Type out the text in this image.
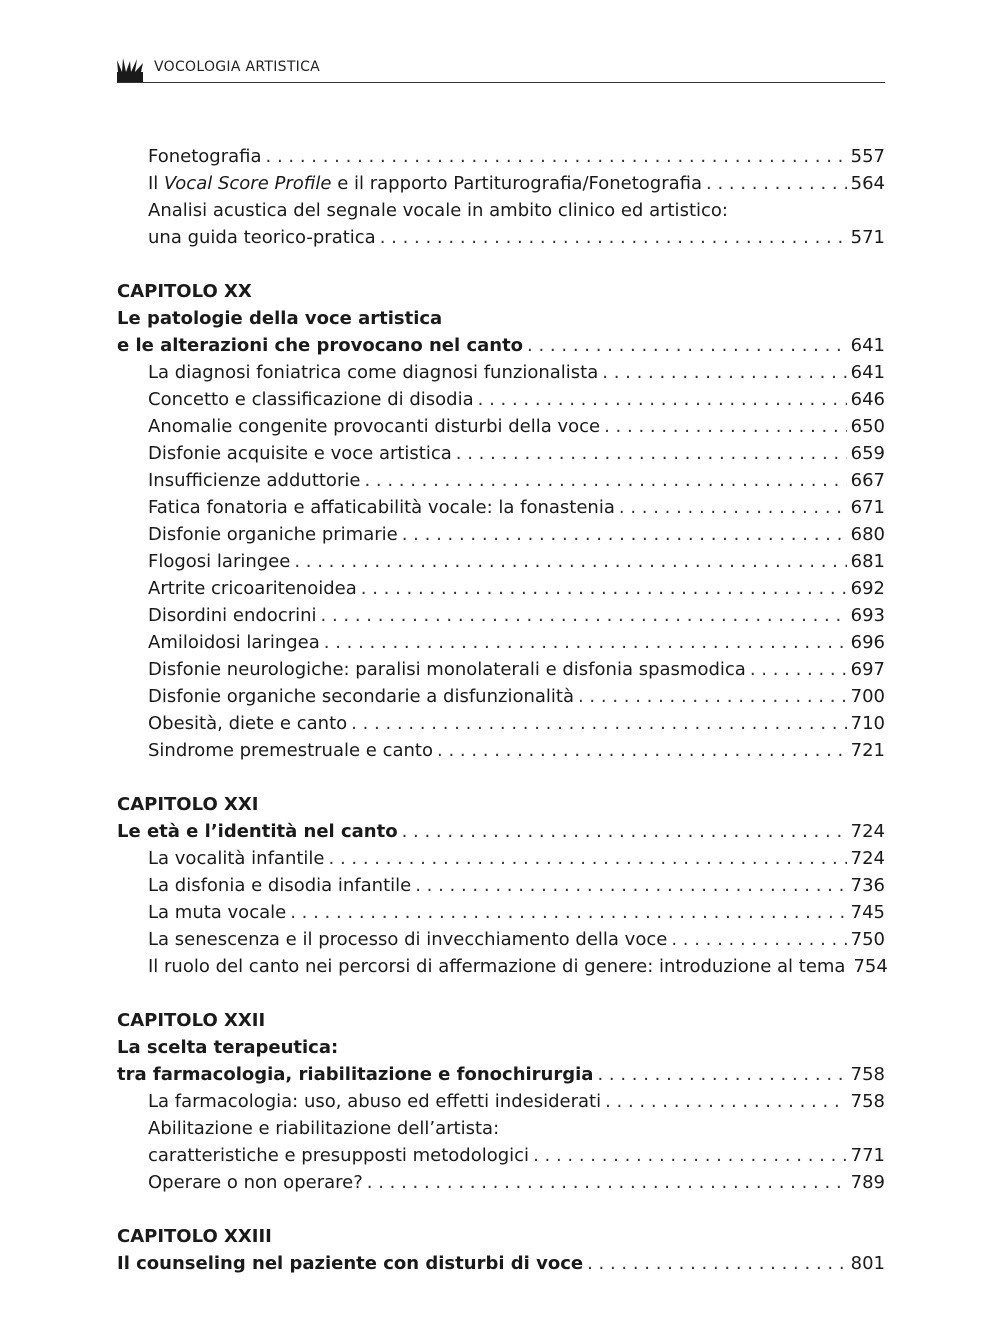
VOCOLOGIA ARTISTICA
Fonetografia . . .	557
Il Vocal Score Profile e il rapporto Partiturografia/Fonetografia . . .	564
Analisi acustica del segnale vocale in ambito clinico ed artistico:
una guida teorico-pratica . . .	571
CAPITOLO XX
Le patologie della voce artistica
e le alterazioni che provocano nel canto . . .	641
La diagnosi foniatrica come diagnosi funzionalista . . .	641
Concetto e classificazione di disodia . . .	646
Anomalie congenite provocanti disturbi della voce . . .	650
Disfonie acquisite e voce artistica . . .	659
Insufficienze adduttorie . . .	667
Fatica fonatoria e affaticabilità vocale: la fonastenia . . .	671
Disfonie organiche primarie . . .	680
Flogosi laringee . . .	681
Artrite cricoaritenoidea . . .	692
Disordini endocrini . . .	693
Amiloidosi laringea . . .	696
Disfonie neurologiche: paralisi monolaterali e disfonia spasmodica . . .	697
Disfonie organiche secondarie a disfunzionalità . . .	700
Obesità, diete e canto . . .	710
Sindrome premestruale e canto . . .	721
CAPITOLO XXI
Le età e l’identità nel canto . . .	724
La vocalità infantile . . .	724
La disfonia e disodia infantile . . .	736
La muta vocale . . .	745
La senescenza e il processo di invecchiamento della voce . . .	750
Il ruolo del canto nei percorsi di affermazione di genere: introduzione al tema 754
CAPITOLO XXII
La scelta terapeutica:
tra farmacologia, riabilitazione e fonochirurgia . . .	758
La farmacologia: uso, abuso ed effetti indesiderati . . .	758
Abilitazione e riabilitazione dell’artista:
caratteristiche e presupposti metodologici . . .	771
Operare o non operare? . . .	789
CAPITOLO XXIII
Il counseling nel paziente con disturbi di voce . . .	801
